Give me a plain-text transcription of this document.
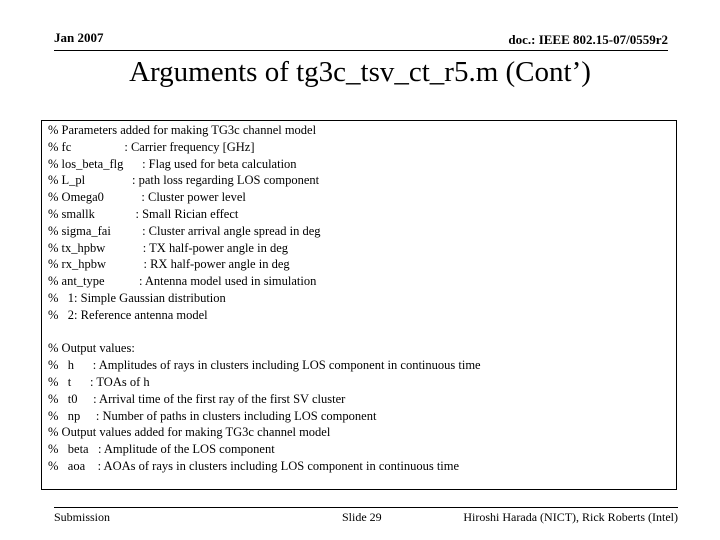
Jan 2007	doc.: IEEE 802.15-07/0559r2
Arguments of tg3c_tsv_ct_r5.m (Cont’)
% Parameters added for making TG3c channel model
% fc                 : Carrier frequency [GHz]
% los_beta_flg      : Flag used for beta calculation
% L_pl               : path loss regarding LOS component
% Omega0            : Cluster power level
% smallk             : Small Rician effect
% sigma_fai          : Cluster arrival angle spread in deg
% tx_hpbw            : TX half-power angle in deg
% rx_hpbw            : RX half-power angle in deg
% ant_type           : Antenna model used in simulation
%   1: Simple Gaussian distribution
%   2: Reference antenna model
% Output values:
%   h      : Amplitudes of rays in clusters including LOS component in continuous time
%   t      : TOAs of h
%   t0     : Arrival time of the first ray of the first SV cluster
%   np     : Number of paths in clusters including LOS component
% Output values added for making TG3c channel model
%   beta   : Amplitude of the LOS component
%   aoa    : AOAs of rays in clusters including LOS component in continuous time
Submission	Slide 29	Hiroshi Harada (NICT), Rick Roberts (Intel)
